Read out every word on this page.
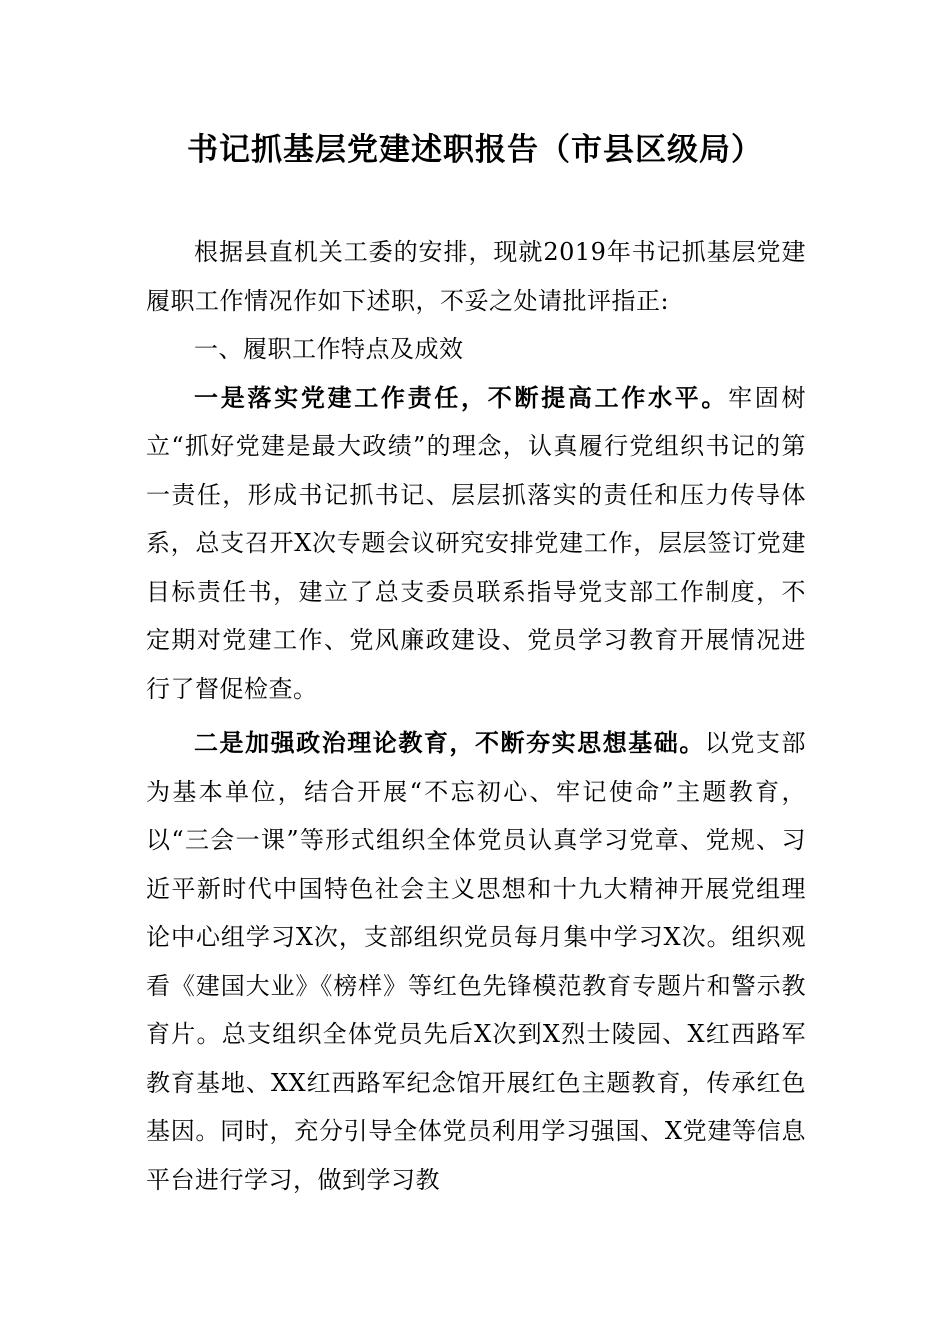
书记抓基层党建述职报告（市县区级局）

根据县直机关工委的安排，现就2019年书记抓基层党建履职工作情况作如下述职，不妥之处请批评指正:

一、履职工作特点及成效

一是落实党建工作责任，不断提高工作水平。牢固树立“抓好党建是最大政绩”的理念，认真履行党组织书记的第一责任，形成书记抓书记、层层抓落实的责任和压力传导体系，总支召开X次专题会议研究安排党建工作，层层签订党建目标责任书，建立了总支委员联系指导党支部工作制度，不定期对党建工作、党风廉政建设、党员学习教育开展情况进行了督促检查。

二是加强政治理论教育，不断夯实思想基础。以党支部为基本单位，结合开展“不忘初心、牢记使命”主题教育，以“三会一课”等形式组织全体党员认真学习党章、党规、习近平新时代中国特色社会主义思想和十九大精神开展党组理论中心组学习X次，支部组织党员每月集中学习X次。组织观看《建国大业》《榜样》等红色先锋模范教育专题片和警示教育片。总支组织全体党员先后X次到X烈士陵园、X红西路军教育基地、XX红西路军纪念馆开展红色主题教育，传承红色基因。同时，充分引导全体党员利用学习强国、X党建等信息平台进行学习，做到学习教
